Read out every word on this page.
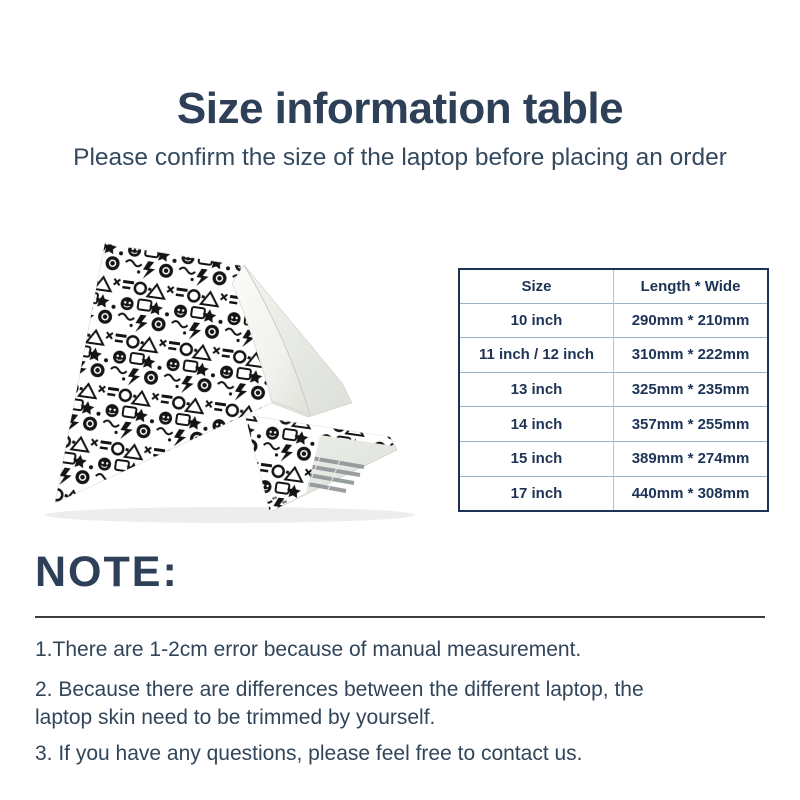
Size information table
Please confirm the size of the laptop before placing an order
Size	Length * Wide
10 inch	290mm * 210mm
11 inch / 12 inch	310mm * 222mm
13 inch	325mm * 235mm
14 inch	357mm * 255mm
15 inch	389mm * 274mm
17 inch	440mm * 308mm
NOTE:

1.There are 1-2cm error because of manual measurement.

2. Because there are differences between the different laptop, the laptop skin need to be trimmed by yourself.

3. If you have any questions, please feel free to contact us.
